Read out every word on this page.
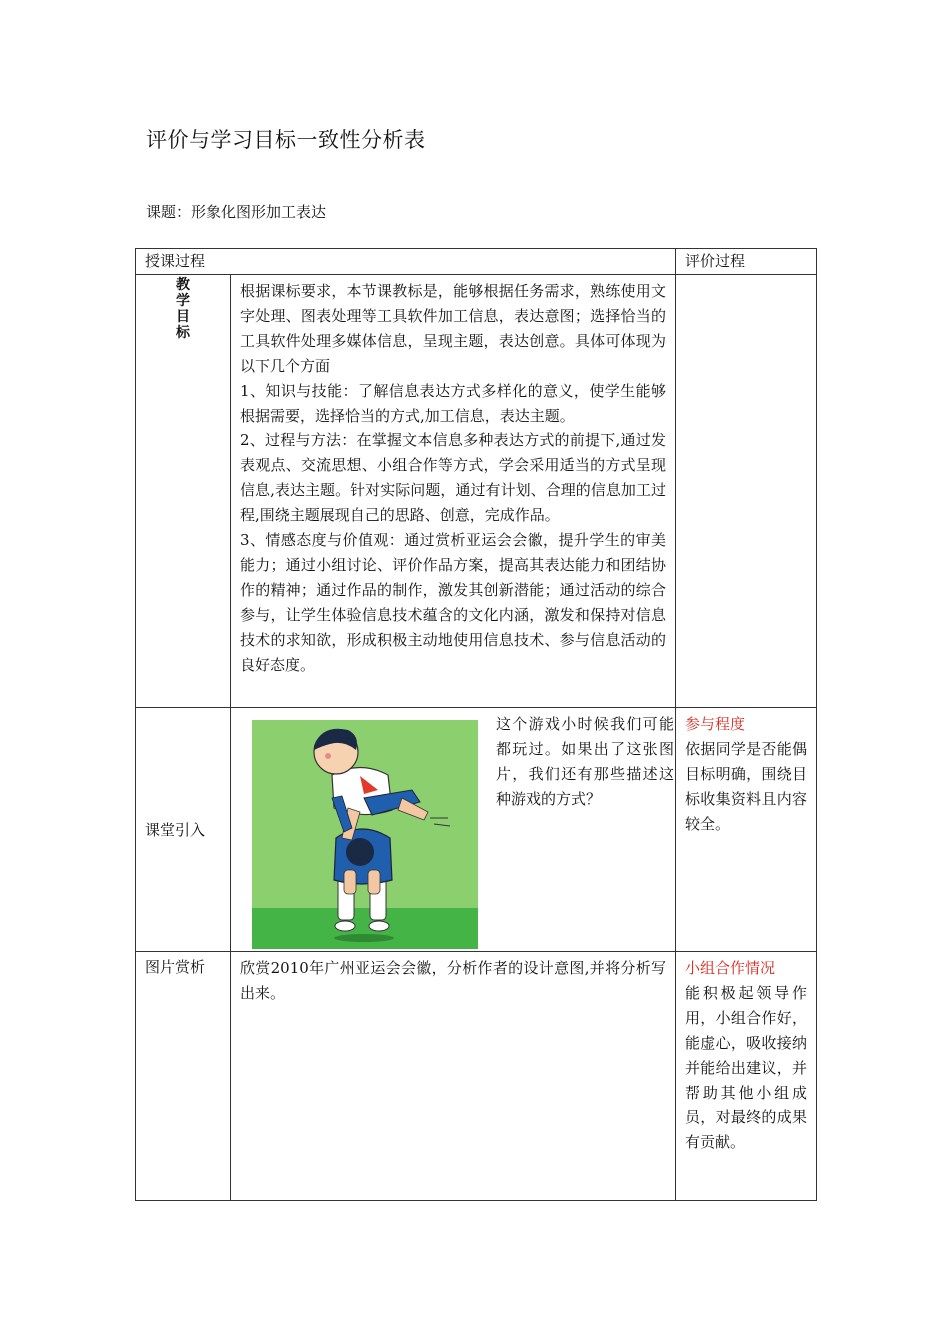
评价与学习目标一致性分析表
课题：形象化图形加工表达
授课过程		评价过程

教学目标	根据课标要求，本节课教标是，能够根据任务需求，熟练使用文字处理、图表处理等工具软件加工信息，表达意图；选择恰当的工具软件处理多媒体信息，呈现主题，表达创意。具体可体现为以下几个方面
1、知识与技能：了解信息表达方式多样化的意义，使学生能够根据需要，选择恰当的方式,加工信息，表达主题。
2、过程与方法：在掌握文本信息多种表达方式的前提下,通过发表观点、交流思想、小组合作等方式，学会采用适当的方式呈现信息,表达主题。针对实际问题，通过有计划、合理的信息加工过程,围绕主题展现自己的思路、创意，完成作品。
3、情感态度与价值观：通过赏析亚运会会徽，提升学生的审美能力；通过小组讨论、评价作品方案，提高其表达能力和团结协作的精神；通过作品的制作，激发其创新潜能；通过活动的综合参与，让学生体验信息技术蕴含的文化内涵，激发和保持对信息技术的求知欲，形成积极主动地使用信息技术、参与信息活动的良好态度。	

课堂引入	这个游戏小时候我们可能都玩过。如果出了这张图片，我们还有那些描述这种游戏的方式？	参与程度
依据同学是否能偶目标明确，围绕目标收集资料且内容较全。

图片赏析	欣赏2010年广州亚运会会徽，分析作者的设计意图,并将分析写出来。	小组合作情况
能积极起领导作用，小组合作好，能虚心，吸收接纳并能给出建议，并帮助其他小组成员，对最终的成果有贡献。
